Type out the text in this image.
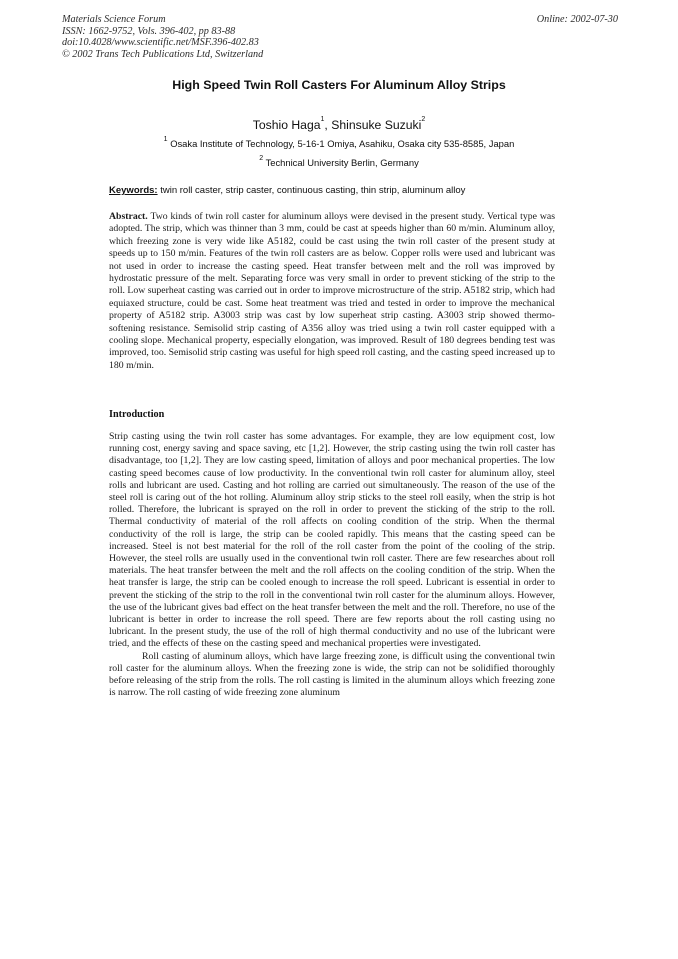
Materials Science Forum
ISSN: 1662-9752, Vols. 396-402, pp 83-88
doi:10.4028/www.scientific.net/MSF.396-402.83
© 2002 Trans Tech Publications Ltd, Switzerland
Online: 2002-07-30
High Speed Twin Roll Casters For Aluminum Alloy Strips
Toshio Haga$^1$, Shinsuke Suzuki$^2$
$^1$ Osaka Institute of Technology, 5-16-1 Omiya, Asahiku, Osaka city 535-8585, Japan
$^2$ Technical University Berlin, Germany
Keywords: twin roll caster, strip caster, continuous casting, thin strip, aluminum alloy
Abstract. Two kinds of twin roll caster for aluminum alloys were devised in the present study. Vertical type was adopted. The strip, which was thinner than 3 mm, could be cast at speeds higher than 60 m/min. Aluminum alloy, which freezing zone is very wide like A5182, could be cast using the twin roll caster of the present study at speeds up to 150 m/min. Features of the twin roll casters are as below. Copper rolls were used and lubricant was not used in order to increase the casting speed. Heat transfer between melt and the roll was improved by hydrostatic pressure of the melt. Separating force was very small in order to prevent sticking of the strip to the roll. Low superheat casting was carried out in order to improve microstructure of the strip. A5182 strip, which had equiaxed structure, could be cast. Some heat treatment was tried and tested in order to improve the mechanical property of A5182 strip. A3003 strip was cast by low superheat strip casting. A3003 strip showed thermo-softening resistance. Semisolid strip casting of A356 alloy was tried using a twin roll caster equipped with a cooling slope. Mechanical property, especially elongation, was improved. Result of 180 degrees bending test was improved, too. Semisolid strip casting was useful for high speed roll casting, and the casting speed increased up to 180 m/min.
Introduction

Strip casting using the twin roll caster has some advantages. For example, they are low equipment cost, low running cost, energy saving and space saving, etc [1,2]. However, the strip casting using the twin roll caster has disadvantage, too [1,2]. They are low casting speed, limitation of alloys and poor mechanical properties. The low casting speed becomes cause of low productivity. In the conventional twin roll caster for aluminum alloy, steel rolls and lubricant are used. Casting and hot rolling are carried out simultaneously. The reason of the use of the steel roll is caring out of the hot rolling. Aluminum alloy strip sticks to the steel roll easily, when the strip is hot rolled. Therefore, the lubricant is sprayed on the roll in order to prevent the sticking of the strip to the roll. Thermal conductivity of material of the roll affects on cooling condition of the strip. When the thermal conductivity of the roll is large, the strip can be cooled rapidly. This means that the casting speed can be increased. Steel is not best material for the roll of the roll caster from the point of the cooling of the strip. However, the steel rolls are usually used in the conventional twin roll caster. There are few researches about roll materials. The heat transfer between the melt and the roll affects on the cooling condition of the strip. When the heat transfer is large, the strip can be cooled enough to increase the roll speed. Lubricant is essential in order to prevent the sticking of the strip to the roll in the conventional twin roll caster for the aluminum alloys. However, the use of the lubricant gives bad effect on the heat transfer between the melt and the roll. Therefore, no use of the lubricant is better in order to increase the roll speed. There are few reports about the roll casting using no lubricant. In the present study, the use of the roll of high thermal conductivity and no use of the lubricant were tried, and the effects of these on the casting speed and mechanical properties were investigated.

Roll casting of aluminum alloys, which have large freezing zone, is difficult using the conventional twin roll caster for the aluminum alloys. When the freezing zone is wide, the strip can not be solidified thoroughly before releasing of the strip from the rolls. The roll casting is limited in the aluminum alloys which freezing zone is narrow. The roll casting of wide freezing zone aluminum
